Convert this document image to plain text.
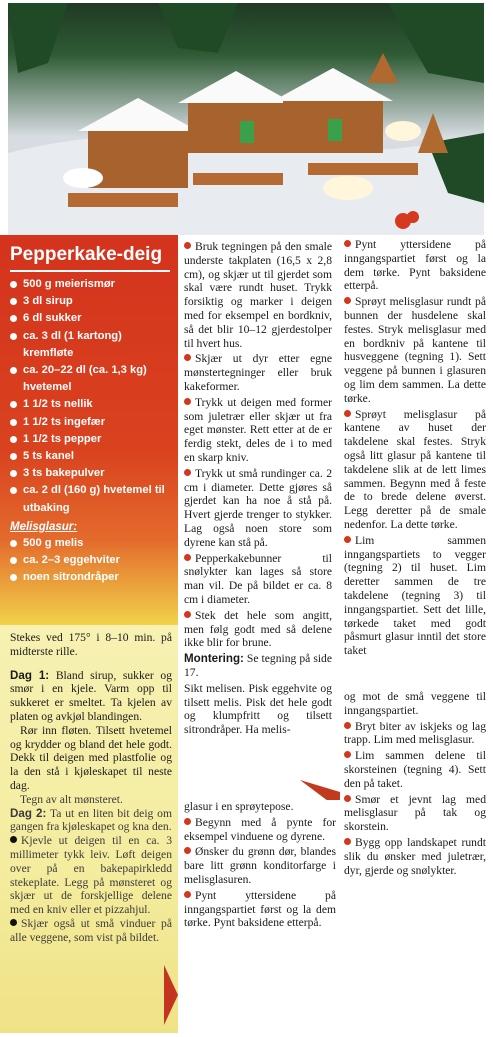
Pepperkake-deig
500 g meierismør
3 dl sirup
6 dl sukker
ca. 3 dl (1 kartong) kremfløte
ca. 20–22 dl (ca. 1,3 kg) hvetemel
1 1/2 ts nellik
1 1/2 ts ingefær
1 1/2 ts pepper
5 ts kanel
3 ts bakepulver
ca. 2 dl (160 g) hvetemel til utbaking
Melisglasur:
500 g melis
ca. 2–3 eggehviter
noen sitrondråper

Stekes ved 175° i 8–10 min. på midterste rille.

Dag 1: Bland sirup, sukker og smør i en kjele. Varm opp til sukkeret er smeltet. Ta kjelen av platen og avkjøl blandingen.

Rør inn fløten. Tilsett hvetemel og krydder og bland det hele godt. Dekk til deigen med plastfolie og la den stå i kjøleskapet til neste dag.

Tegn av alt mønsteret.

Dag 2: Ta ut en liten bit deig om gangen fra kjøleskapet og kna den.

Kjevle ut deigen til en ca. 3 millimeter tykk leiv. Løft deigen over på en bakepapirkledd stekeplate. Legg på mønsteret og skjær ut de forskjellige delene med en kniv eller et pizzahjul.

Skjær også ut små vinduer på alle veggene, som vist på bildet.

Bruk tegningen på den smale underste takplaten (16,5 x 2,8 cm), og skjær ut til gjerdet som skal være rundt huset. Trykk forsiktig og marker i deigen med for eksempel en bordkniv, så det blir 10–12 gjerdestolper til hvert hus.

Skjær ut dyr etter egne mønstertegninger eller bruk kakeformer.

Trykk ut deigen med former som juletrær eller skjær ut fra eget mønster. Rett etter at de er ferdig stekt, deles de i to med en skarp kniv.

Trykk ut små rundinger ca. 2 cm i diameter. Dette gjøres så gjerdet kan ha noe å stå på. Hvert gjerde trenger to stykker. Lag også noen store som dyrene kan stå på.

Pepperkakebunner til snølykter kan lages så store man vil. De på bildet er ca. 8 cm i diameter.

Stek det hele som angitt, men følg godt med så delene ikke blir for brune.

Montering: Se tegning på side 17.

Sikt melisen. Pisk eggehvite og tilsett melis. Pisk det hele godt og klumpfritt og tilsett sitrondråper. Ha melis-

glasur i en sprøytepose.

Begynn med å pynte for eksempel vinduene og dyrene.

Ønsker du grønn dør, blandes bare litt grønn konditorfarge i melisglasuren.

Pynt yttersidene på inngangspartiet først og la dem tørke. Pynt baksidene etterpå.

Pynt yttersidene på inngangspartiet først og la dem tørke. Pynt baksidene etterpå.

Sprøyt melisglasur rundt på bunnen der husdelene skal festes. Stryk melisglasur med en bordkniv på kantene til husveggene (tegning 1). Sett veggene på bunnen i glasuren og lim dem sammen. La dette tørke.

Sprøyt melisglasur på kantene av huset der takdelene skal festes. Stryk også litt glasur på kantene til takdelene slik at de lett limes sammen. Begynn med å feste de to brede delene øverst. Legg deretter på de smale nedenfor. La dette tørke.

Lim sammen inngangspartiets to vegger (tegning 2) til huset. Lim deretter sammen de tre takdelene (tegning 3) til inngangspartiet. Sett det lille, tørkede taket med godt påsmurt glasur inntil det store taket

og mot de små veggene til inngangspartiet.

Bryt biter av iskjeks og lag trapp. Lim med melisglasur.

Lim sammen delene til skorsteinen (tegning 4). Sett den på taket.

Smør et jevnt lag med melisglasur på tak og skorstein.

Bygg opp landskapet rundt slik du ønsker med juletrær, dyr, gjerde og snølykter.
